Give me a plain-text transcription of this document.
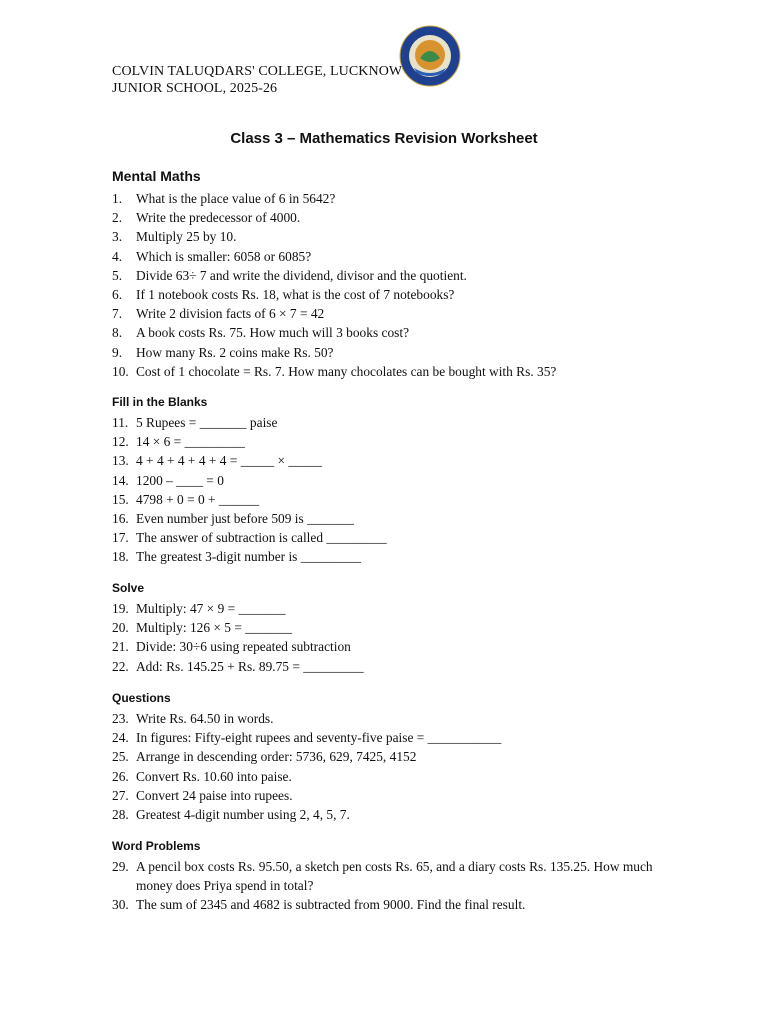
COLVIN TALUQDARS' COLLEGE, LUCKNOW
JUNIOR SCHOOL, 2025-26
Class 3 – Mathematics Revision Worksheet
Mental Maths
1.	What is the place value of 6 in 5642?
2.	Write the predecessor of 4000.
3.	Multiply 25 by 10.
4.	Which is smaller: 6058 or 6085?
5.	Divide 63÷ 7 and write the dividend, divisor and the quotient.
6.	If 1 notebook costs Rs. 18, what is the cost of 7 notebooks?
7.	Write 2 division facts of 6 × 7 = 42
8.	A book costs Rs. 75. How much will 3 books cost?
9.	How many Rs. 2 coins make Rs. 50?
10. Cost of 1 chocolate = Rs. 7. How many chocolates can be bought with Rs. 35?
Fill in the Blanks
11. 5 Rupees = _______ paise
12. 14 × 6 = _________
13. 4 + 4 + 4 + 4 + 4 = _____ × _____
14. 1200 – ____ = 0
15. 4798 + 0 = 0 + ______
16. Even number just before 509 is _______
17. The answer of subtraction is called _________
18. The greatest 3-digit number is _________
Solve
19. Multiply: 47 × 9 = _______
20. Multiply: 126 × 5 = _______
21. Divide: 30÷6 using repeated subtraction
22. Add: Rs. 145.25 + Rs. 89.75 = _________
Questions
23. Write Rs. 64.50 in words.
24. In figures: Fifty-eight rupees and seventy-five paise = ___________
25. Arrange in descending order: 5736, 629, 7425, 4152
26. Convert Rs. 10.60 into paise.
27. Convert 24 paise into rupees.
28. Greatest 4-digit number using 2, 4, 5, 7.
Word Problems
29. A pencil box costs Rs. 95.50, a sketch pen costs Rs. 65, and a diary costs Rs. 135.25. How much money does Priya spend in total?
30. The sum of 2345 and 4682 is subtracted from 9000. Find the final result.
